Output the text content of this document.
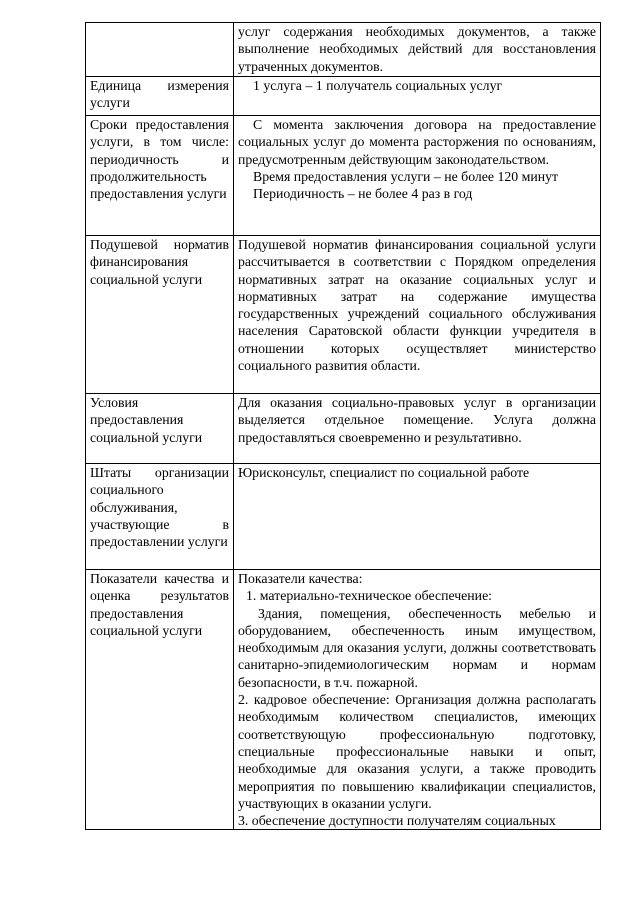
	услуг содержания необходимых документов, а также выполнение необходимых действий для восстановления утраченных документов.

Единица измерения услуги	1 услуга – 1 получатель социальных услуг

Сроки предоставления услуги, в том числе: периодичность и продолжительность предоставления услуги	С момента заключения договора на предоставление социальных услуг до момента расторжения по основаниям, предусмотренным действующим законодательством.

Время предоставления услуги – не более 120 минут

Периодичность – не более 4 раз в год

Подушевой норматив финансирования социальной услуги	Подушевой норматив финансирования социальной услуги рассчитывается в соответствии с Порядком определения нормативных затрат на оказание социальных услуг и нормативных затрат на содержание имущества государственных учреждений социального обслуживания населения Саратовской области функции учредителя в отношении которых осуществляет министерство социального развития области.

Условия предоставления социальной услуги	Для оказания социально-правовых услуг в организации выделяется отдельное помещение. Услуга должна предоставляться своевременно и результативно.

Штаты организации социального обслуживания, участвующие в предоставлении услуги	Юрисконсульт, специалист по социальной работе

Показатели качества и оценка результатов предоставления социальной услуги	Показатели качества:

1. материально-техническое обеспечение:

Здания, помещения, обеспеченность мебелью и оборудованием, обеспеченность иным имуществом, необходимым для оказания услуги, должны соответствовать санитарно-эпидемиологическим нормам и нормам безопасности, в т.ч. пожарной.

2. кадровое обеспечение: Организация должна располагать необходимым количеством специалистов, имеющих соответствующую профессиональную подготовку, специальные профессиональные навыки и опыт, необходимые для оказания услуги, а также проводить мероприятия по повышению квалификации специалистов, участвующих в оказании услуги.

3. обеспечение доступности получателям социальных
